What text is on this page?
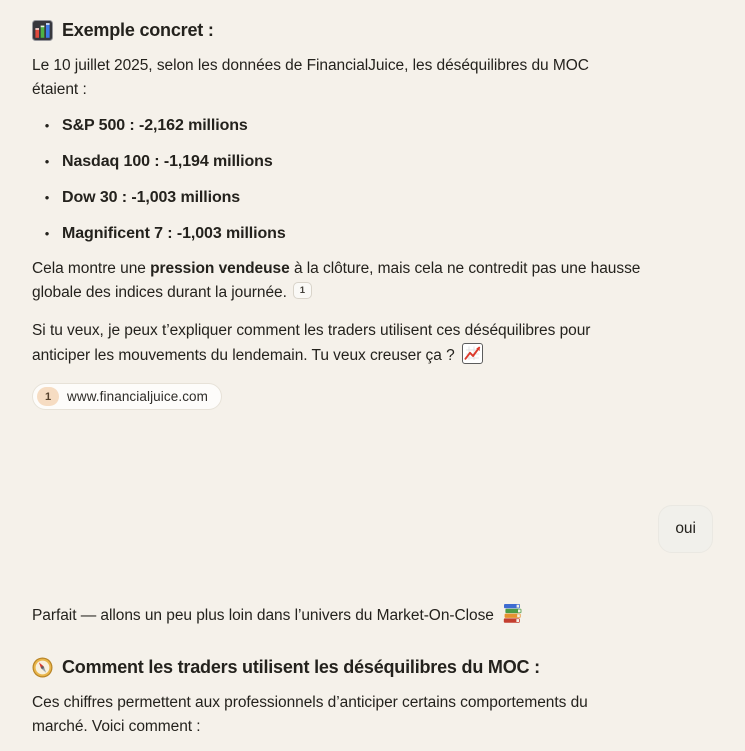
Exemple concret :

Le 10 juillet 2025, selon les données de FinancialJuice, les déséquilibres du MOC
étaient :

• S&P 500 : -2,162 millions
• Nasdaq 100 : -1,194 millions
• Dow 30 : -1,003 millions
• Magnificent 7 : -1,003 millions

Cela montre une pression vendeuse à la clôture, mais cela ne contredit pas une hausse
globale des indices durant la journée. $^1$

Si tu veux, je peux t’expliquer comment les traders utilisent ces déséquilibres pour
anticiper les mouvements du lendemain. Tu veux creuser ça ?

1	www.financialjuice.com
oui

Parfait — allons un peu plus loin dans l’univers du Market-On-Close

Comment les traders utilisent les déséquilibres du MOC :

Ces chiffres permettent aux professionnels d’anticiper certains comportements du
marché. Voici comment :
